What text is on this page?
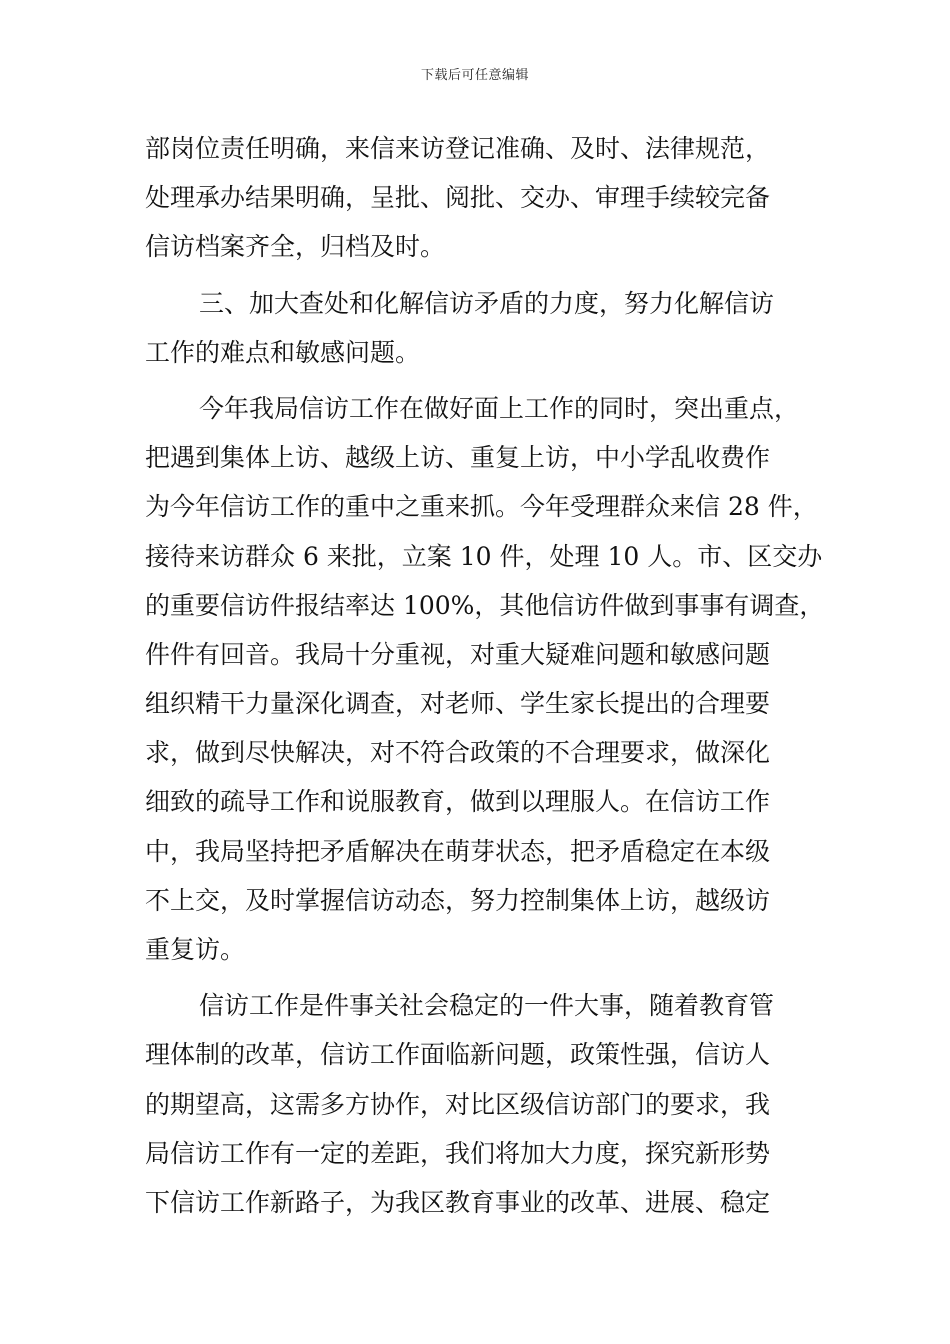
下载后可任意编辑
部岗位责任明确，来信来访登记准确、及时、法律规范，
处理承办结果明确，呈批、阅批、交办、审理手续较完备
信访档案齐全，归档及时。
三、加大查处和化解信访矛盾的力度，努力化解信访
工作的难点和敏感问题。
今年我局信访工作在做好面上工作的同时，突出重点，
把遇到集体上访、越级上访、重复上访，中小学乱收费作
为今年信访工作的重中之重来抓。今年受理群众来信 28 件，
接待来访群众 6 来批，立案 10 件，处理 10 人。市、区交办
的重要信访件报结率达 100%，其他信访件做到事事有调查，
件件有回音。我局十分重视，对重大疑难问题和敏感问题
组织精干力量深化调查，对老师、学生家长提出的合理要
求，做到尽快解决，对不符合政策的不合理要求，做深化
细致的疏导工作和说服教育，做到以理服人。在信访工作
中，我局坚持把矛盾解决在萌芽状态，把矛盾稳定在本级
不上交，及时掌握信访动态，努力控制集体上访，越级访
重复访。
信访工作是件事关社会稳定的一件大事，随着教育管
理体制的改革，信访工作面临新问题，政策性强，信访人
的期望高，这需多方协作，对比区级信访部门的要求，我
局信访工作有一定的差距，我们将加大力度，探究新形势
下信访工作新路子，为我区教育事业的改革、进展、稳定
